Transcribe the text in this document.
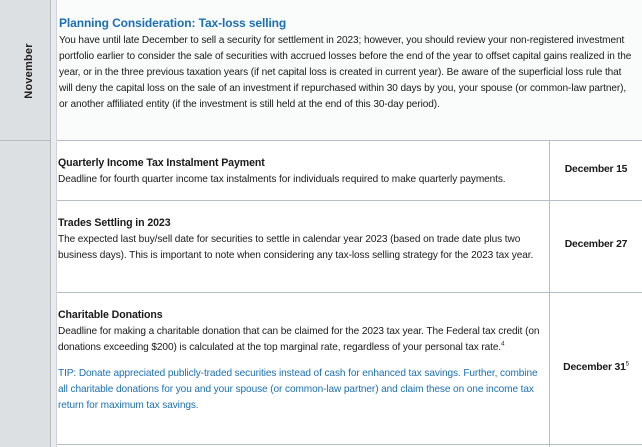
November

Planning Consideration: Tax-loss selling

You have until late December to sell a security for settlement in 2023; however, you should review your non-registered investment portfolio earlier to consider the sale of securities with accrued losses before the end of the year to offset capital gains realized in the year, or in the three previous taxation years (if net capital loss is created in current year). Be aware of the superficial loss rule that will deny the capital loss on the sale of an investment if repurchased within 30 days by you, your spouse (or common-law partner), or another affiliated entity (if the investment is still held at the end of this 30-day period).

Quarterly Income Tax Instalment Payment

Deadline for fourth quarter income tax instalments for individuals required to make quarterly payments.

December 15

Trades Settling in 2023

The expected last buy/sell date for securities to settle in calendar year 2023 (based on trade date plus two business days). This is important to note when considering any tax-loss selling strategy for the 2023 tax year.

December 27

Charitable Donations

Deadline for making a charitable donation that can be claimed for the 2023 tax year. The Federal tax credit (on donations exceeding $200) is calculated at the top marginal rate, regardless of your personal tax rate.$^4$

TIP: Donate appreciated publicly-traded securities instead of cash for enhanced tax savings. Further, combine all charitable donations for you and your spouse (or common-law partner) and claim these on one income tax return for maximum tax savings.

December $31^5$
